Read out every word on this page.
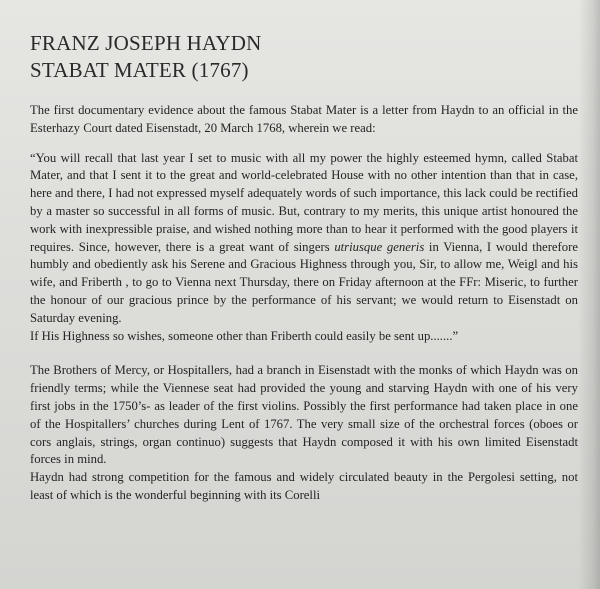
FRANZ JOSEPH HAYDN
STABAT MATER (1767)

The first documentary evidence about the famous Stabat Mater is a letter from Haydn to an official in the Esterhazy Court dated Eisenstadt, 20 March 1768, wherein we read:

“You will recall that last year I set to music with all my power the highly esteemed hymn, called Stabat Mater, and that I sent it to the great and world-celebrated House with no other intention than that in case, here and there, I had not expressed myself adequately words of such importance, this lack could be rectified by a master so successful in all forms of music. But, contrary to my merits, this unique artist honoured the work with inexpressible praise, and wished nothing more than to hear it performed with the good players it requires. Since, however, there is a great want of singers utriusque generis in Vienna, I would therefore humbly and obediently ask his Serene and Gracious Highness through you, Sir, to allow me, Weigl and his wife, and Friberth , to go to Vienna next Thursday, there on Friday afternoon at the FFr: Miseric, to further the honour of our gracious prince by the performance of his servant; we would return to Eisenstadt on Saturday evening.

If His Highness so wishes, someone other than Friberth could easily be sent up.......”

The Brothers of Mercy, or Hospitallers, had a branch in Eisenstadt with the monks of which Haydn was on friendly terms; while the Viennese seat had provided the young and starving Haydn with one of his very first jobs in the 1750’s- as leader of the first violins. Possibly the first performance had taken place in one of the Hospitallers’ churches during Lent of 1767. The very small size of the orchestral forces (oboes or cors anglais, strings, organ continuo) suggests that Haydn composed it with his own limited Eisenstadt forces in mind.

Haydn had strong competition for the famous and widely circulated beauty in the Pergolesi setting, not least of which is the wonderful beginning with its Corelli
